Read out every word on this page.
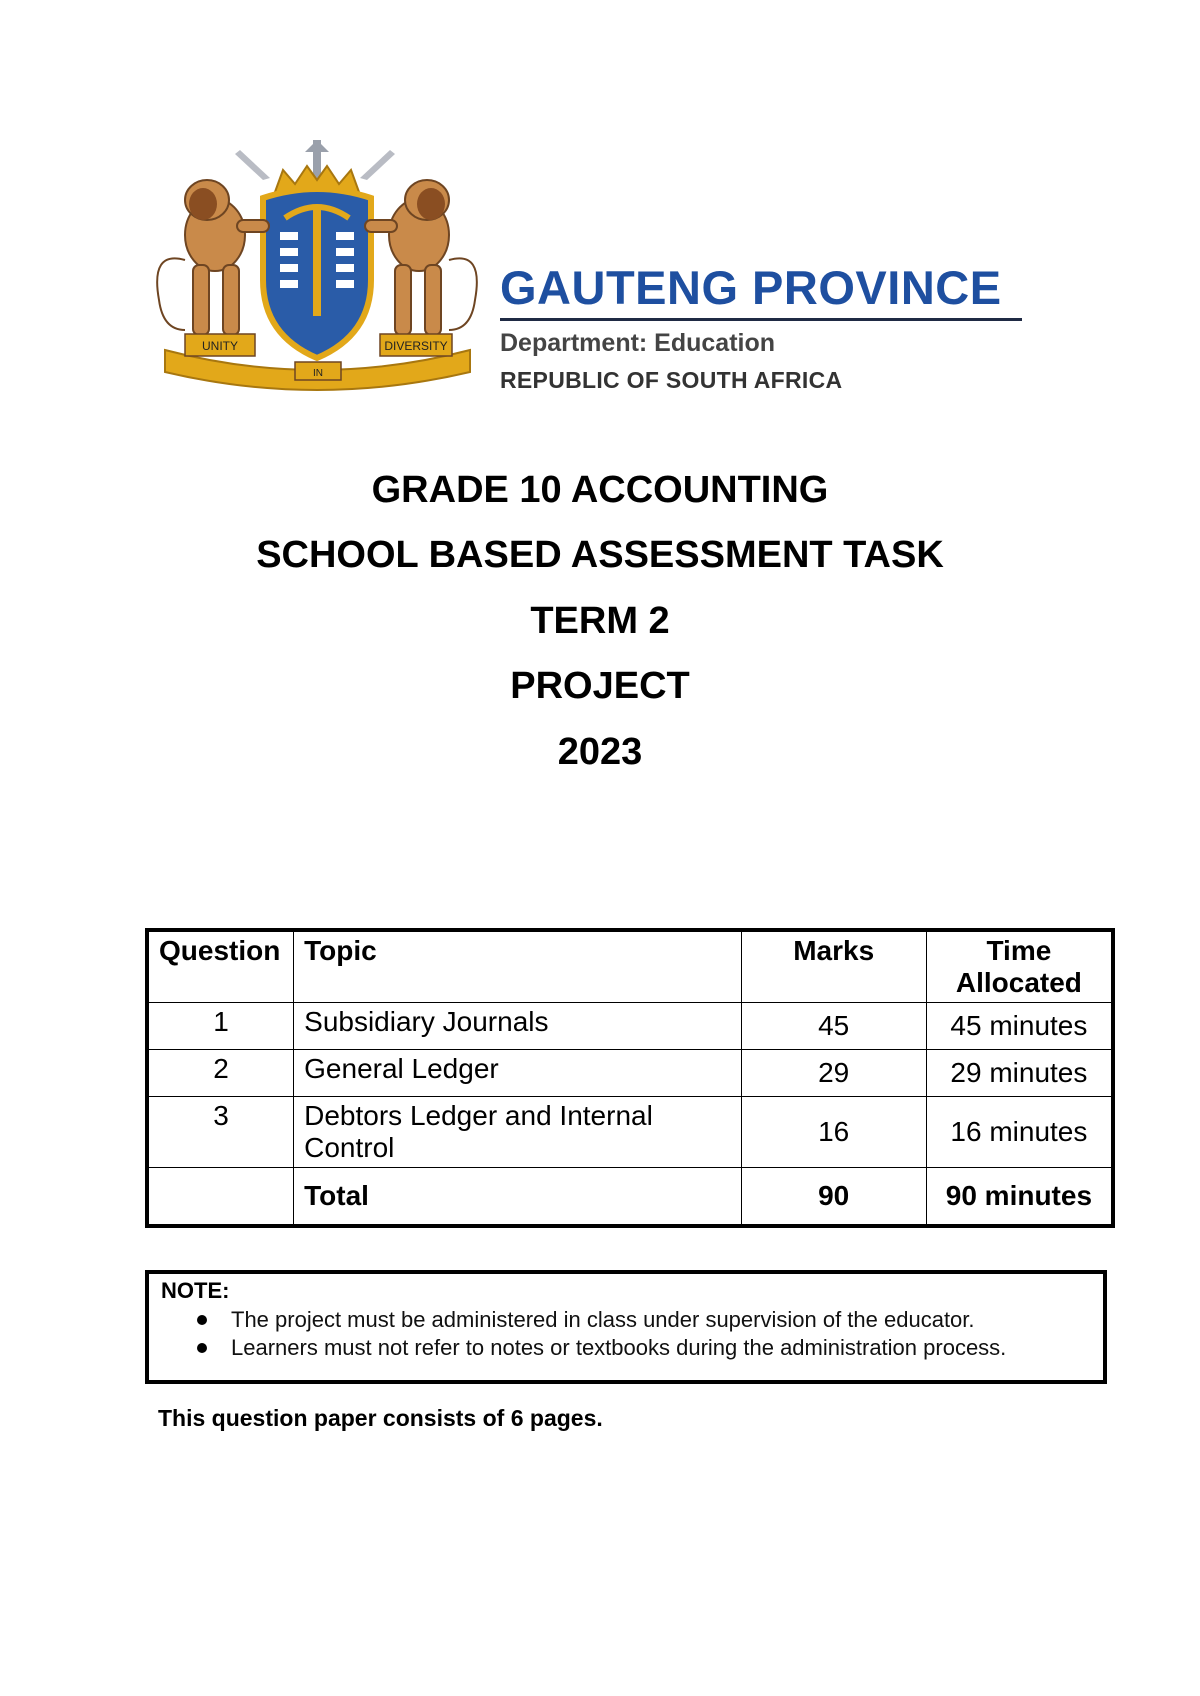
UNITY
IN
DIVERSITY
GAUTENG PROVINCE
Department: Education
REPUBLIC OF SOUTH AFRICA
GRADE 10 ACCOUNTING
SCHOOL BASED ASSESSMENT TASK
TERM 2
PROJECT
2023
Question	Topic	Marks	Time Allocated
1	Subsidiary Journals	45	45 minutes
2	General Ledger	29	29 minutes
3	Debtors Ledger and Internal Control	16	16 minutes
	Total	90	90 minutes
NOTE:
The project must be administered in class under supervision of the educator.
Learners must not refer to notes or textbooks during the administration process.
This question paper consists of 6 pages.
